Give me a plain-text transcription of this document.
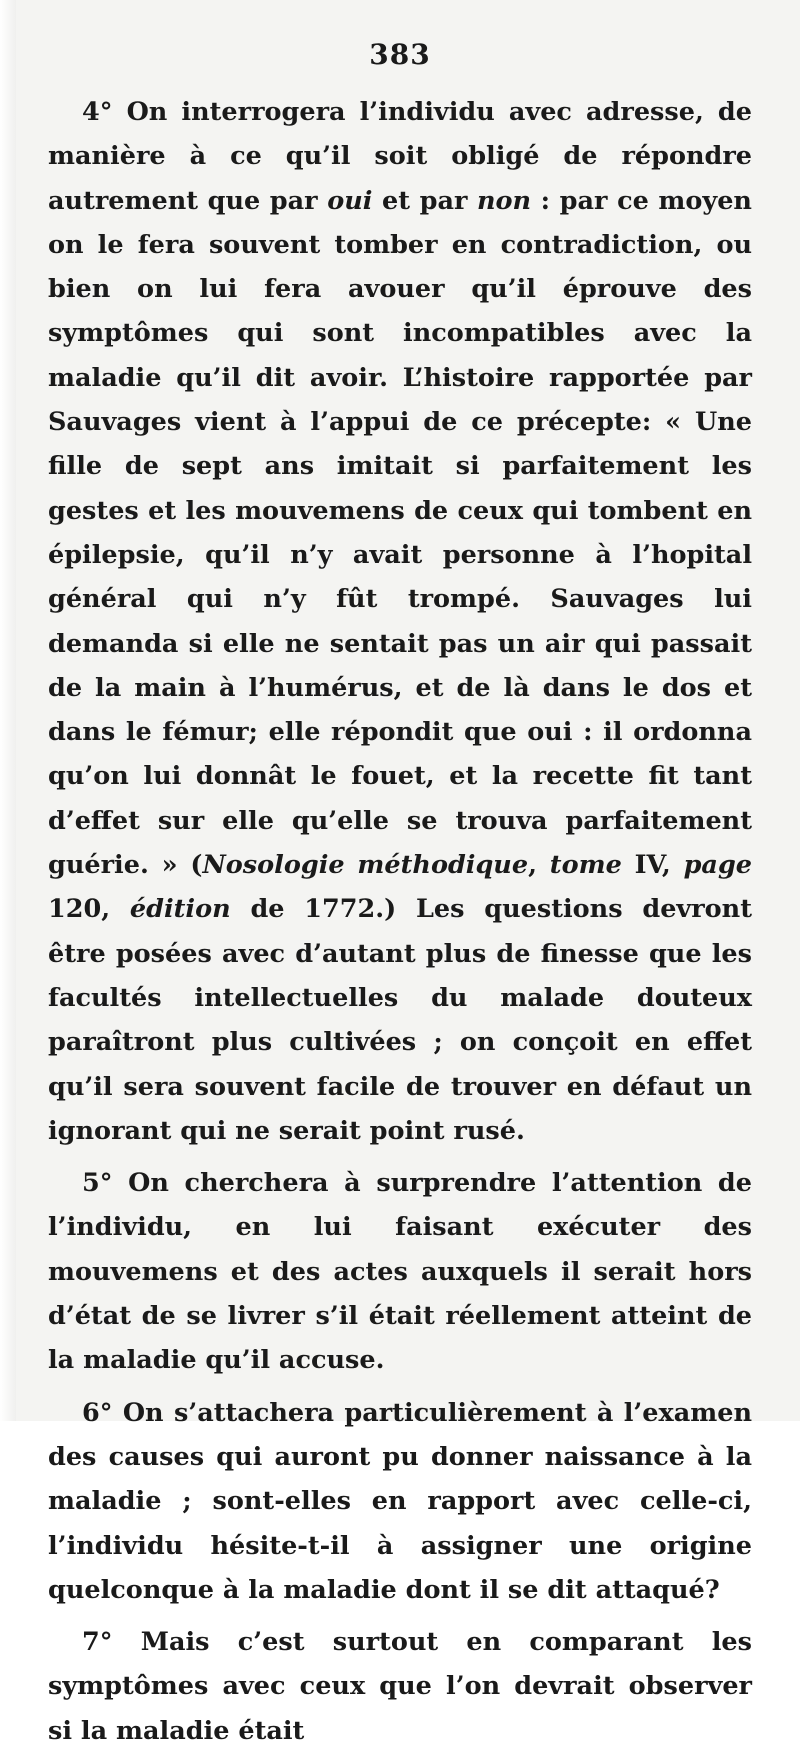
383

4° On interrogera l’individu avec adresse, de manière à ce qu’il soit obligé de répondre autrement que par oui et par non : par ce moyen on le fera souvent tomber en contradiction, ou bien on lui fera avouer qu’il éprouve des symptômes qui sont incompatibles avec la maladie qu’il dit avoir. L’histoire rapportée par Sauvages vient à l’appui de ce précepte: « Une fille de sept ans imitait si parfaitement les gestes et les mouvemens de ceux qui tombent en épilepsie, qu’il n’y avait personne à l’hopital général qui n’y fût trompé. Sauvages lui demanda si elle ne sentait pas un air qui passait de la main à l’humérus, et de là dans le dos et dans le fémur; elle répondit que oui : il ordonna qu’on lui donnât le fouet, et la recette fit tant d’effet sur elle qu’elle se trouva parfaitement guérie. » (Nosologie méthodique, tome IV, page 120, édition de 1772.) Les questions devront être posées avec d’autant plus de finesse que les facultés intellectuelles du malade douteux paraîtront plus cultivées ; on conçoit en effet qu’il sera souvent facile de trouver en défaut un ignorant qui ne serait point rusé.

5° On cherchera à surprendre l’attention de l’individu, en lui faisant exécuter des mouvemens et des actes auxquels il serait hors d’état de se livrer s’il était réellement atteint de la maladie qu’il accuse.

6° On s’attachera particulièrement à l’examen des causes qui auront pu donner naissance à la maladie ; sont-elles en rapport avec celle-ci, l’individu hésite-t-il à assigner une origine quelconque à la maladie dont il se dit attaqué?

7° Mais c’est surtout en comparant les symptômes avec ceux que l’on devrait observer si la maladie était
